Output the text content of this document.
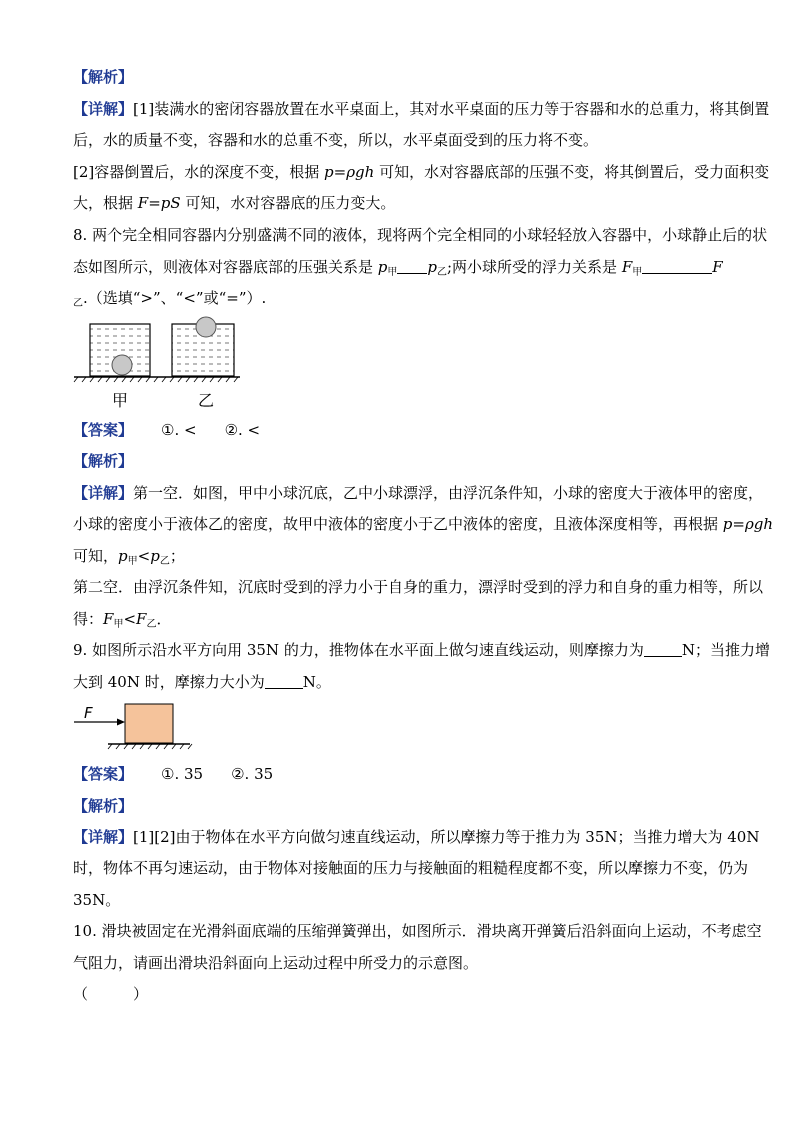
【解析】
【详解】[1]装满水的密闭容器放置在水平桌面上，其对水平桌面的压力等于容器和水的总重力，将其倒置
后，水的质量不变，容器和水的总重不变，所以，水平桌面受到的压力将不变。
[2]容器倒置后，水的深度不变，根据 p=ρgh 可知，水对容器底部的压强不变，将其倒置后，受力面积变
大，根据 F=pS 可知，水对容器底的压力变大。
8. 两个完全相同容器内分别盛满不同的液体，现将两个完全相同的小球轻轻放入容器中，小球静止后的状
态如图所示，则液体对容器底部的压强关系是 $p_甲$ $p_乙$;两小球所受的浮力关系是 $F_甲$	F
$_乙$.（选填“>”、“<”或“=”）.
甲	乙
【答案】 ①. < ②. <
【解析】
【详解】第一空．如图，甲中小球沉底，乙中小球漂浮，由浮沉条件知，小球的密度大于液体甲的密度，
小球的密度小于液体乙的密度，故甲中液体的密度小于乙中液体的密度，且液体深度相等，再根据 p=ρgh
可知，$p_甲<p_乙$；
第二空．由浮沉条件知，沉底时受到的浮力小于自身的重力，漂浮时受到的浮力和自身的重力相等，所以
得：$F_甲<F_乙$．
9. 如图所示沿水平方向用 35N 的力，推物体在水平面上做匀速直线运动，则摩擦力为	N；当推力增
大到 40N 时，摩擦力大小为	N。
F
【答案】 ①. 35 ②. 35
【解析】
【详解】[1][2]由于物体在水平方向做匀速直线运动，所以摩擦力等于推力为 35N；当推力增大为 40N
时，物体不再匀速运动，由于物体对接触面的压力与接触面的粗糙程度都不变，所以摩擦力不变，仍为
35N。
10. 滑块被固定在光滑斜面底端的压缩弹簧弹出，如图所示．滑块离开弹簧后沿斜面向上运动，不考虑空
气阻力，请画出滑块沿斜面向上运动过程中所受力的示意图。
（　　　）
